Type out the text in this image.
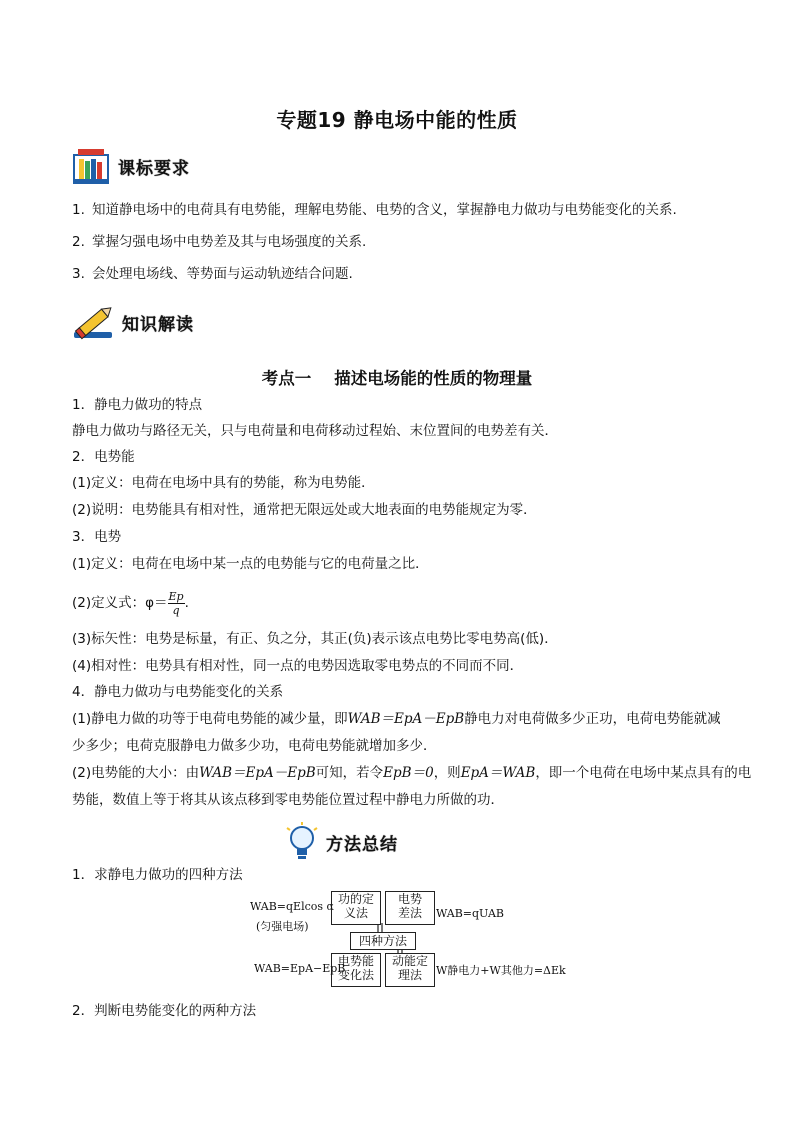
专题19 静电场中能的性质
课标要求
1. 知道静电场中的电荷具有电势能，理解电势能、电势的含义，掌握静电力做功与电势能变化的关系.
2. 掌握匀强电场中电势差及其与电场强度的关系.
3. 会处理电场线、等势面与运动轨迹结合问题.
知识解读
考点一    描述电场能的性质的物理量
1．静电力做功的特点
静电力做功与路径无关，只与电荷量和电荷移动过程始、末位置间的电势差有关．
2．电势能
(1)定义：电荷在电场中具有的势能，称为电势能．
(2)说明：电势能具有相对性，通常把无限远处或大地表面的电势能规定为零．
3．电势
(1)定义：电荷在电场中某一点的电势能与它的电荷量之比．
(2)定义式：$\varphi= \frac{Ep}{q}$ .
(3)标矢性：电势是标量，有正、负之分，其正(负)表示该点电势比零电势高(低)．
(4)相对性：电势具有相对性，同一点的电势因选取零电势点的不同而不同．
4．静电力做功与电势能变化的关系
(1)静电力做的功等于电荷电势能的减少量，即WAB＝EpA－EpB静电力对电荷做多少正功，电荷电势能就减
少多少；电荷克服静电力做多少功，电荷电势能就增加多少．
(2)电势能的大小：由WAB＝EpA－EpB可知，若令EpB＝0，则EpA＝WAB，即一个电荷在电场中某点具有的电
势能，数值上等于将其从该点移到零电势能位置过程中静电力所做的功．
方法总结
1．求静电力做功的四种方法
功的定
义法
电势
差法
四种方法
电势能
变化法
动能定
理法
WAB=qElcos α
(匀强电场)
WAB=EpA−EpB
WAB=qUAB
W静电力+W其他力=ΔEk
2．判断电势能变化的两种方法
